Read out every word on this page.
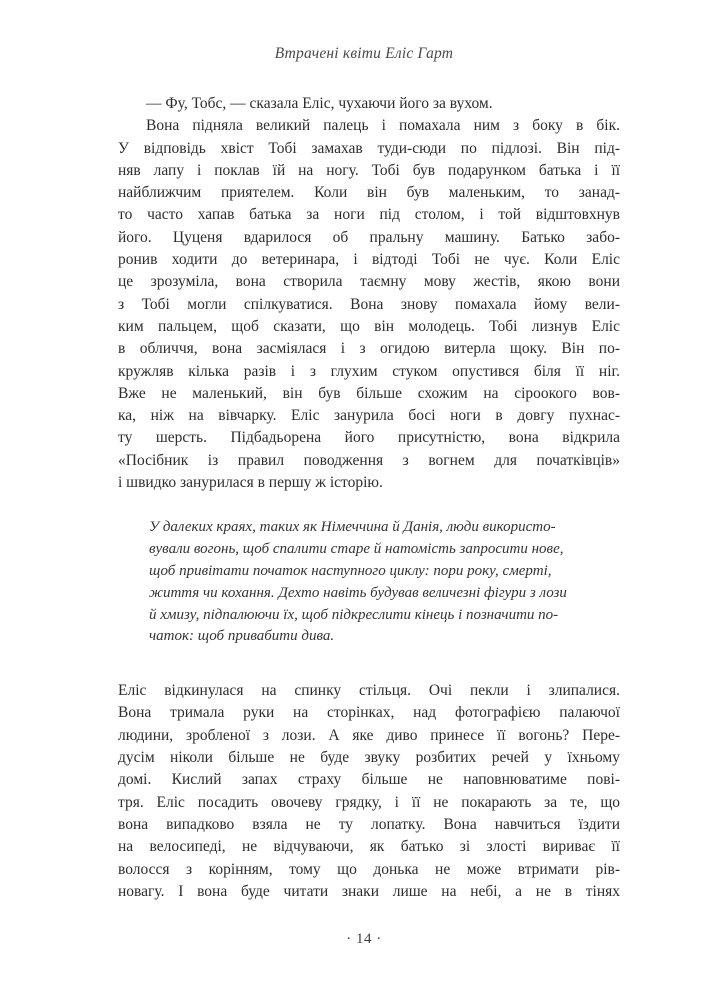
Втрачені квіти Еліс Гарт
— Фу, Тобс, — сказала Еліс, чухаючи його за вухом.
Вона підняла великий палець і помахала ним з боку в бік.
У відповідь хвіст Тобі замахав туди-сюди по підлозі. Він під-
няв лапу і поклав їй на ногу. Тобі був подарунком батька і її
найближчим приятелем. Коли він був маленьким, то занад-
то часто хапав батька за ноги під столом, і той відштовхнув
його. Цуценя вдарилося об пральну машину. Батько забо-
ронив ходити до ветеринара, і відтоді Тобі не чує. Коли Еліс
це зрозуміла, вона створила таємну мову жестів, якою вони
з Тобі могли спілкуватися. Вона знову помахала йому вели-
ким пальцем, щоб сказати, що він молодець. Тобі лизнув Еліс
в обличчя, вона засміялася і з огидою витерла щоку. Він по-
кружляв кілька разів і з глухим стуком опустився біля її ніг.
Вже не маленький, він був більше схожим на сіроокого вов-
ка, ніж на вівчарку. Еліс занурила босі ноги в довгу пухнас-
ту шерсть. Підбадьорена його присутністю, вона відкрила
«Посібник із правил поводження з вогнем для початківців»
і швидко занурилася в першу ж історію.
У далеких краях, таких як Німеччина й Данія, люди використо-
вували вогонь, щоб спалити старе й натомість запросити нове,
щоб привітати початок наступного циклу: пори року, смерті,
життя чи кохання. Дехто навіть будував величезні фігури з лози
й хмизу, підпалюючи їх, щоб підкреслити кінець і позначити по-
чаток: щоб привабити дива.
Еліс відкинулася на спинку стільця. Очі пекли і злипалися.
Вона тримала руки на сторінках, над фотографією палаючої
людини, зробленої з лози. А яке диво принесе її вогонь? Пере-
дусім ніколи більше не буде звуку розбитих речей у їхньому
домі. Кислий запах страху більше не наповнюватиме пові-
тря. Еліс посадить овочеву грядку, і її не покарають за те, що
вона випадково взяла не ту лопатку. Вона навчиться їздити
на велосипеді, не відчуваючи, як батько зі злості вириває її
волосся з корінням, тому що донька не може втримати рів-
новагу. І вона буде читати знаки лише на небі, а не в тінях
· 14 ·
